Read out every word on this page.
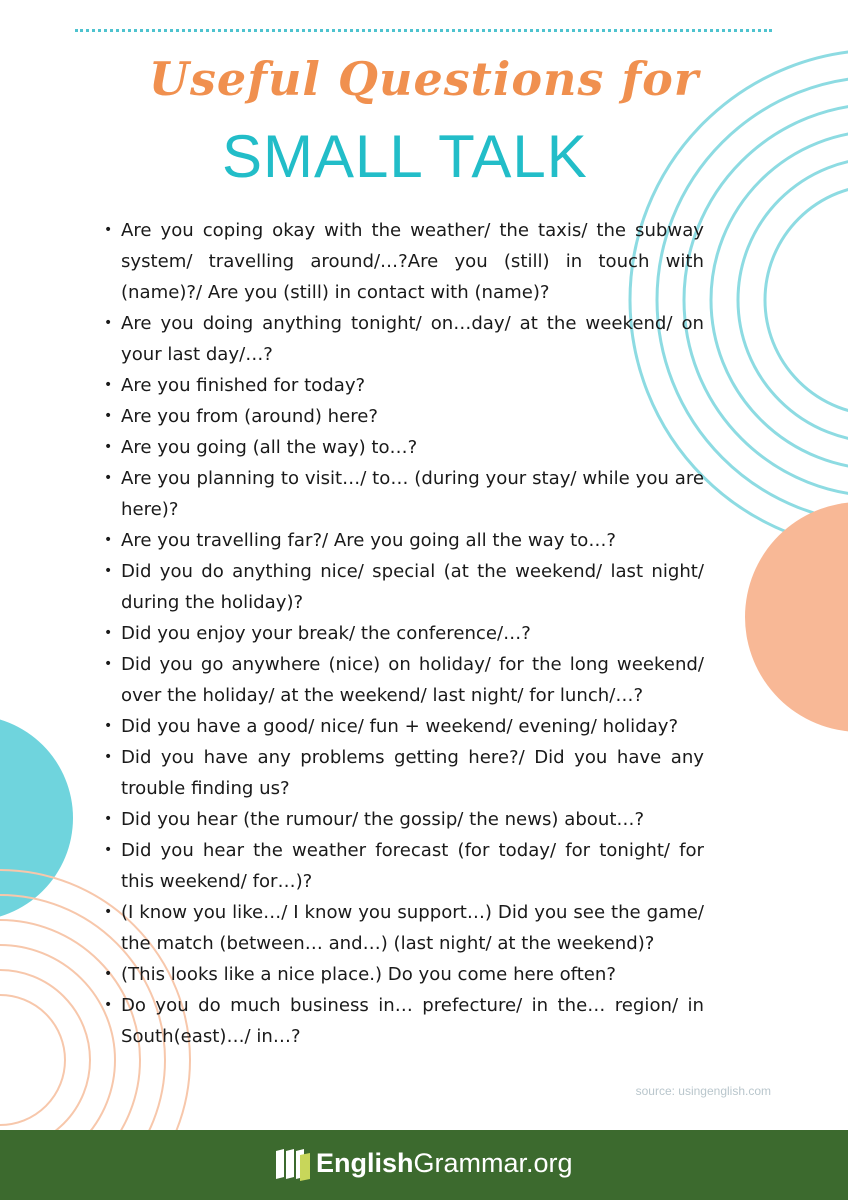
Useful Questions for
SMALL TALK
• Are you coping okay with the weather/ the taxis/ the subway system/ travelling around/…?Are you (still) in touch with (name)?/ Are you (still) in contact with (name)?
• Are you doing anything tonight/ on…day/ at the weekend/ on your last day/…?
• Are you finished for today?
• Are you from (around) here?
• Are you going (all the way) to…?
• Are you planning to visit…/ to… (during your stay/ while you are here)?
• Are you travelling far?/ Are you going all the way to…?
• Did you do anything nice/ special (at the weekend/ last night/ during the holiday)?
• Did you enjoy your break/ the conference/…?
• Did you go anywhere (nice) on holiday/ for the long weekend/ over the holiday/ at the weekend/ last night/ for lunch/…?
• Did you have a good/ nice/ fun + weekend/ evening/ holiday?
• Did you have any problems getting here?/ Did you have any trouble finding us?
• Did you hear (the rumour/ the gossip/ the news) about…?
• Did you hear the weather forecast (for today/ for tonight/ for this weekend/ for…)?
• (I know you like…/ I know you support…) Did you see the game/ the match (between… and…) (last night/ at the weekend)?
• (This looks like a nice place.) Do you come here often?
• Do you do much business in… prefecture/ in the… region/ in South(east)…/ in…?
source: usingenglish.com
EnglishGrammar.org
